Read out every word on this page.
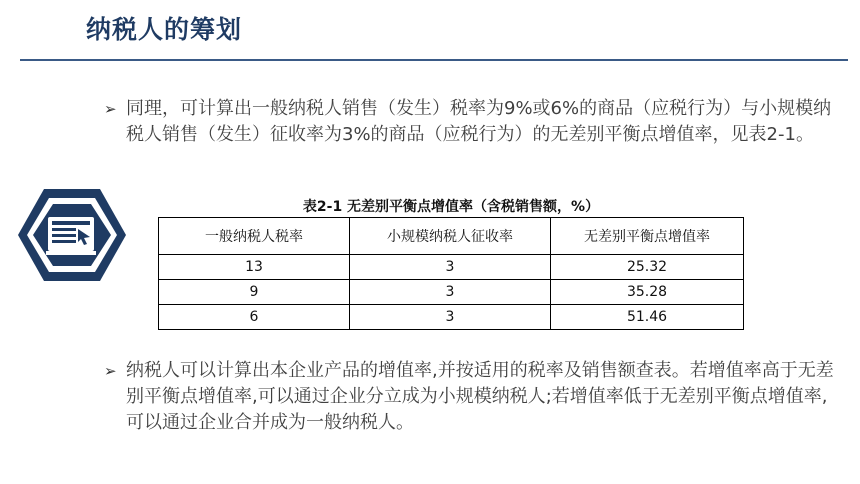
纳税人的筹划
➢ 同理，可计算出一般纳税人销售（发生）税率为9%或6%的商品（应税行为）与小规模纳税人销售（发生）征收率为3%的商品（应税行为）的无差别平衡点增值率，见表2-1。
表2-1 无差别平衡点增值率（含税销售额，%）
一般纳税人税率	小规模纳税人征收率	无差别平衡点增值率
13	3	25.32
9	3	35.28
6	3	51.46
➢ 纳税人可以计算出本企业产品的增值率,并按适用的税率及销售额查表。若增值率高于无差别平衡点增值率,可以通过企业分立成为小规模纳税人;若增值率低于无差别平衡点增值率,可以通过企业合并成为一般纳税人。
